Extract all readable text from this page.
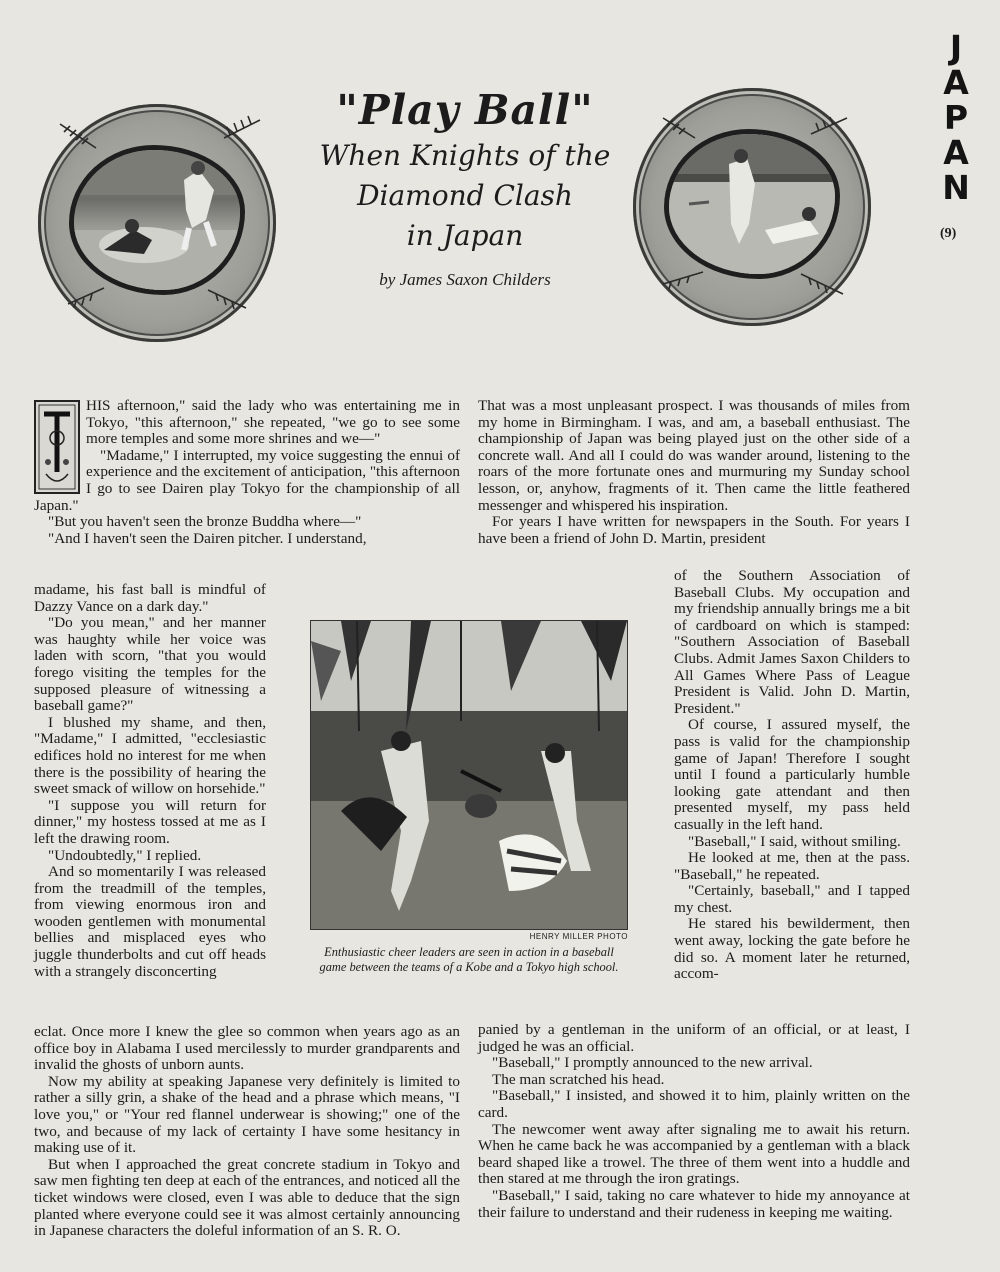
J
A
P
A
N
(9)
"Play Ball"

When Knights of the

Diamond Clash

in Japan

by James Saxon Childers

HIS afternoon," said the lady who was entertaining me in Tokyo, "this afternoon," she repeated, "we go to see some more temples and some more shrines and we—"

"Madame," I interrupted, my voice suggesting the ennui of experience and the excitement of anticipation, "this afternoon I go to see Dairen play Tokyo for the championship of all Japan."

"But you haven't seen the bronze Buddha where—"

"And I haven't seen the Dairen pitcher. I understand,

madame, his fast ball is mindful of Dazzy Vance on a dark day."

"Do you mean," and her manner was haughty while her voice was laden with scorn, "that you would forego visiting the temples for the supposed pleasure of witnessing a baseball game?"

I blushed my shame, and then, "Madame," I admitted, "ecclesiastic edifices hold no interest for me when there is the possibility of hearing the sweet smack of willow on horsehide."

"I suppose you will return for dinner," my hostess tossed at me as I left the drawing room.

"Undoubtedly," I replied.

And so momentarily I was released from the treadmill of the temples, from viewing enormous iron and wooden gentlemen with monumental bellies and misplaced eyes who juggle thunderbolts and cut off heads with a strangely disconcerting

eclat. Once more I knew the glee so common when years ago as an office boy in Alabama I used mercilessly to murder grandparents and invalid the ghosts of unborn aunts.

Now my ability at speaking Japanese very definitely is limited to rather a silly grin, a shake of the head and a phrase which means, "I love you," or "Your red flannel underwear is showing;" one of the two, and because of my lack of certainty I have some hesitancy in making use of it.

But when I approached the great concrete stadium in Tokyo and saw men fighting ten deep at each of the entrances, and noticed all the ticket windows were closed, even I was able to deduce that the sign planted where everyone could see it was almost certainly announcing in Japanese characters the doleful information of an S. R. O.

That was a most unpleasant prospect. I was thousands of miles from my home in Birmingham. I was, and am, a baseball enthusiast. The championship of Japan was being played just on the other side of a concrete wall. And all I could do was wander around, listening to the roars of the more fortunate ones and murmuring my Sunday school lesson, or, anyhow, fragments of it. Then came the little feathered messenger and whispered his inspiration.

For years I have written for newspapers in the South. For years I have been a friend of John D. Martin, president

of the Southern Association of Baseball Clubs. My occupation and my friendship annually brings me a bit of cardboard on which is stamped: "Southern Association of Baseball Clubs. Admit James Saxon Childers to All Games Where Pass of League President is Valid. John D. Martin, President."

Of course, I assured myself, the pass is valid for the championship game of Japan! Therefore I sought until I found a particularly humble looking gate attendant and then presented myself, my pass held casually in the left hand.

"Baseball," I said, without smiling.

He looked at me, then at the pass. "Baseball," he repeated.

"Certainly, baseball," and I tapped my chest.

He stared his bewilderment, then went away, locking the gate before he did so. A moment later he returned, accom-

panied by a gentleman in the uniform of an official, or at least, I judged he was an official.

"Baseball," I promptly announced to the new arrival.

The man scratched his head.

"Baseball," I insisted, and showed it to him, plainly written on the card.

The newcomer went away after signaling me to await his return. When he came back he was accompanied by a gentleman with a black beard shaped like a trowel. The three of them went into a huddle and then stared at me through the iron gratings.

"Baseball," I said, taking no care whatever to hide my annoyance at their failure to understand and their rudeness in keeping me waiting.

HENRY MILLER PHOTO
Enthusiastic cheer leaders are seen in action in a baseball game between the teams of a Kobe and a Tokyo high school.
